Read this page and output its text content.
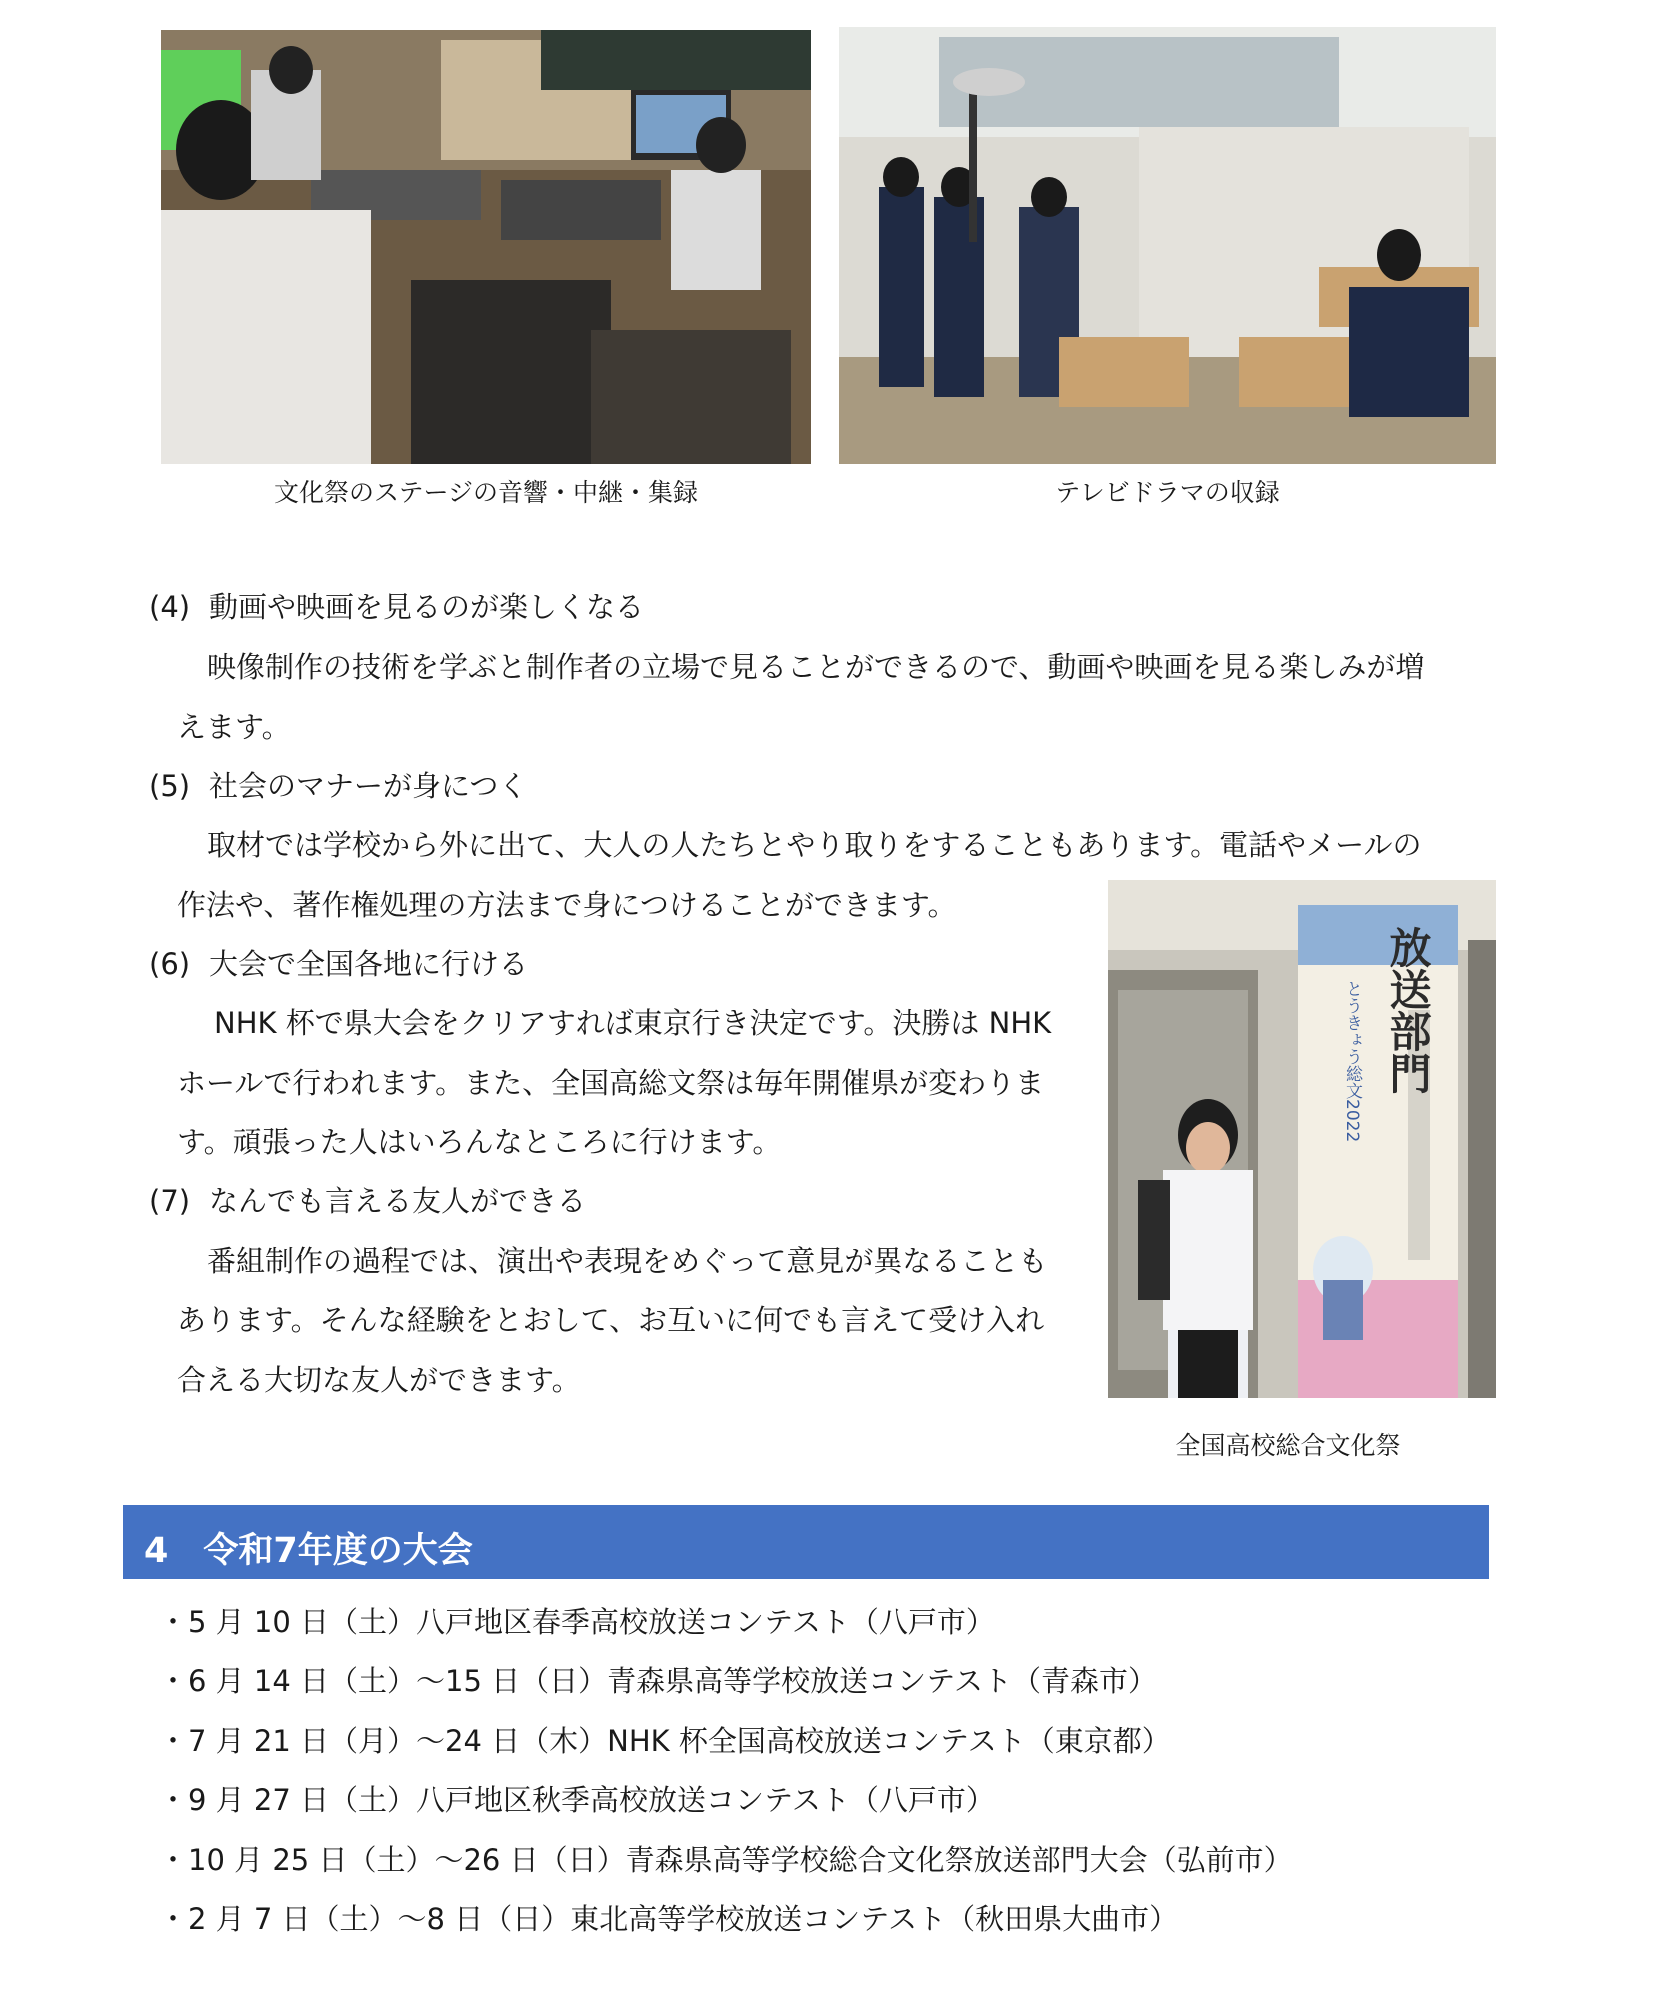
文化祭のステージの音響・中継・集録	テレビドラマの収録
(4) 動画や映画を見るのが楽しくなる
映像制作の技術を学ぶと制作者の立場で見ることができるので、動画や映画を見る楽しみが増
えます。
(5) 社会のマナーが身につく
取材では学校から外に出て、大人の人たちとやり取りをすることもあります。電話やメールの
作法や、著作権処理の方法まで身につけることができます。
(6) 大会で全国各地に行ける
NHK 杯で県大会をクリアすれば東京行き決定です。決勝は NHK
ホールで行われます。また、全国高総文祭は毎年開催県が変わりま
す。頑張った人はいろんなところに行けます。
(7) なんでも言える友人ができる
番組制作の過程では、演出や表現をめぐって意見が異なることも
あります。そんな経験をとおして、お互いに何でも言えて受け入れ
合える大切な友人ができます。
放送部門
とうきょう総文2022
全国高校総合文化祭
4　令和7年度の大会
・5 月 10 日（土）八戸地区春季高校放送コンテスト（八戸市）
・6 月 14 日（土）～15 日（日）青森県高等学校放送コンテスト（青森市）
・7 月 21 日（月）～24 日（木）NHK 杯全国高校放送コンテスト（東京都）
・9 月 27 日（土）八戸地区秋季高校放送コンテスト（八戸市）
・10 月 25 日（土）～26 日（日）青森県高等学校総合文化祭放送部門大会（弘前市）
・2 月 7 日（土）～8 日（日）東北高等学校放送コンテスト（秋田県大曲市）
